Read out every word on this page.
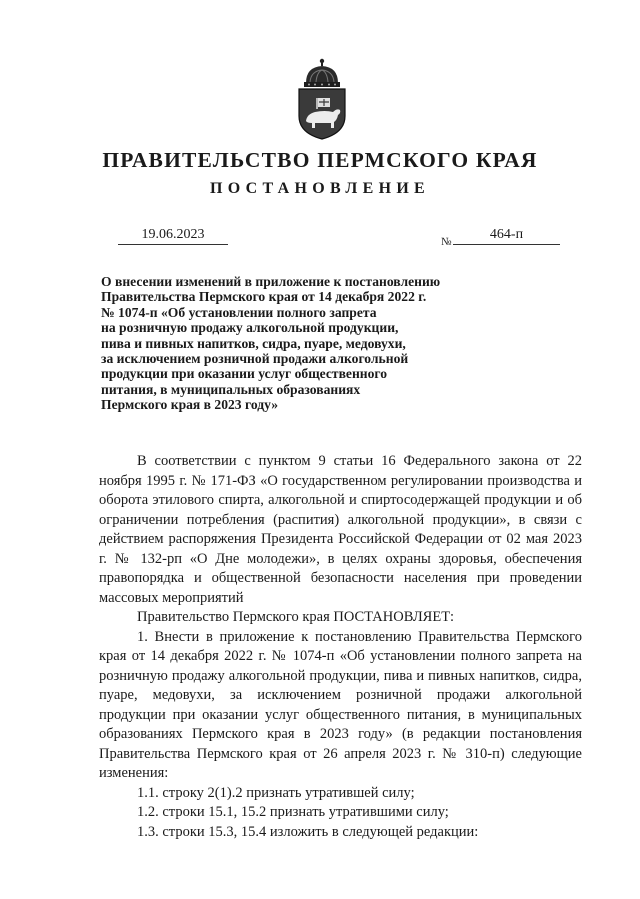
ПРАВИТЕЛЬСТВО ПЕРМСКОГО КРАЯ
ПОСТАНОВЛЕНИЕ
19.06.2023	№	464-п
О внесении изменений в приложение к постановлению
Правительства Пермского края от 14 декабря 2022 г.
№ 1074-п «Об установлении полного запрета
на розничную продажу алкогольной продукции,
пива и пивных напитков, сидра, пуаре, медовухи,
за исключением розничной продажи алкогольной
продукции при оказании услуг общественного
питания, в муниципальных образованиях
Пермского края в 2023 году»

В соответствии с пунктом 9 статьи 16 Федерального закона от 22 ноября 1995 г. № 171-ФЗ «О государственном регулировании производства и оборота этилового спирта, алкогольной и спиртосодержащей продукции и об ограничении потребления (распития) алкогольной продукции», в связи с действием распоряжения Президента Российской Федерации от 02 мая 2023 г. № 132-рп «О Дне молодежи», в целях охраны здоровья, обеспечения правопорядка и общественной безопасности населения при проведении массовых мероприятий

Правительство Пермского края ПОСТАНОВЛЯЕТ:

1. Внести в приложение к постановлению Правительства Пермского края от 14 декабря 2022 г. № 1074-п «Об установлении полного запрета на розничную продажу алкогольной продукции, пива и пивных напитков, сидра, пуаре, медовухи, за исключением розничной продажи алкогольной продукции при оказании услуг общественного питания, в муниципальных образованиях Пермского края в 2023 году» (в редакции постановления Правительства Пермского края от 26 апреля 2023 г. № 310-п) следующие изменения:

1.1. строку 2(1).2 признать утратившей силу;

1.2. строки 15.1, 15.2 признать утратившими силу;

1.3. строки 15.3, 15.4 изложить в следующей редакции:
